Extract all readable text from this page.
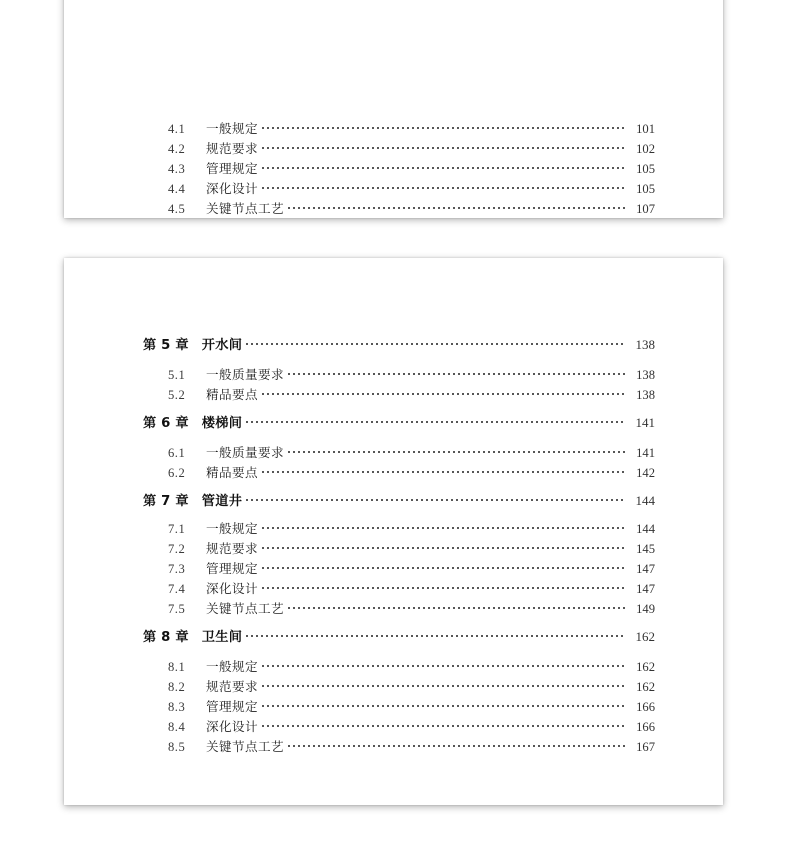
4.1	一般规定	101
4.2	规范要求	102
4.3	管理规定	105
4.4	深化设计	105
4.5	关键节点工艺	107
第 5 章 开水间	138
5.1	一般质量要求	138
5.2	精品要点	138
第 6 章 楼梯间	141
6.1	一般质量要求	141
6.2	精品要点	142
第 7 章 管道井	144
7.1	一般规定	144
7.2	规范要求	145
7.3	管理规定	147
7.4	深化设计	147
7.5	关键节点工艺	149
第 8 章 卫生间	162
8.1	一般规定	162
8.2	规范要求	162
8.3	管理规定	166
8.4	深化设计	166
8.5	关键节点工艺	167
